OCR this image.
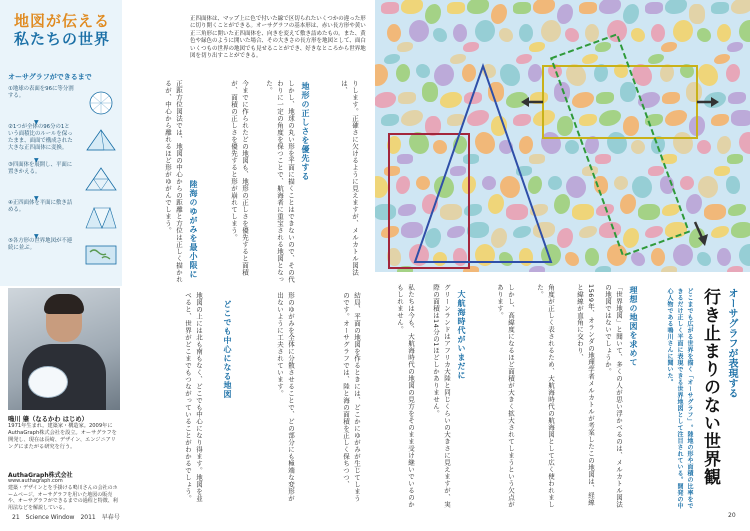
地図が伝える
私たちの世界
オーサグラフができるまで
①地球の表面を96に等分割する。
▼
②1つが全体の96分の1という面積比のルールを保ったまま、面面で構成された大きな正四面体に変換。
▼
③四面体を展開し、平面に置きかえる。
▼
④正四面体を平面に敷き詰める。
▼
⑤各方形の世界地図が不連続に並ぶ。
正四面体は、マップ上に色で付いた線で区切られたいくつかの違った形に切り開くことができる。オーサグラフの基本形は、赤い長方形や黄い正三角形に開いた正四面体を、向きを変えて敷き詰めたもの。また、黄色や緑色のように開いた場合、その大きさの長方形を地図として、面白いくつもの世界の地図でも見せることができ、好きなところから世界地図を切り出すことができる。
りします。正確さに欠けるように見えますが、メルカトル図法は、
地形の正しさを優先する
しかし、地球の丸い形を平面に描くことはできないので、その代わりに一定の角度を保つことで、航海者に重宝される地図となった。
今までに作られたどの地図も、地形の正しさを優先すると面積が、面積の正しさを優先すると形が崩れてしまう。
陸海のゆがみを最小限に
正距方位図法では、地図の中心からの距離と方位は正しく描かれるが、中心から離れるほど形がゆがんでしまう。
結局、平面の地図を作るときには、どこかにゆがみが生じてしまうのです。オーサグラフでは、陸と海の面積を正しく保ちつつ、
形のゆがみを全体に分散させることで、どの部分にも極端な変形が出ないように工夫されています。
どこでも中心になる地図
地図の上には北も南もなく、どこでも中心になり得ます。地図を並べると、世界がどこまでもつながっていることがわかるでしょう。
鳴川 肇（なるかわ はじめ）
1971年生まれ。建築家・構造家。2009年にAuthaGraph株式会社を設立。オーサグラフを開発し、現在は長崎、デザイン、エンジニアリングにまたがる研究を行う。
AuthaGraph株式会社
www.authagraph.com
建築・デザインとを手掛ける鳴川さんの会社のホームページ。オーサグラフを用いた地図の販売や、オーサグラフができるまでの過程と特徴、利用法などを解説している。
21　Science Window　2011　早春号
オーサグラフが表現する
行き止まりのない世界観
どこまでも広がる世界を描く「オーサグラフ」。陸地の形や面積の比率をできるだけ正しく平面に表現できる世界地図として注目されている。開発の中心人物である鳴川さんに聞いた。
理想の地図を求めて
「世界地図」と聞いて、多くの人が思い浮かべるのは、メルカトル図法の地図ではないでしょうか。
1569年、オランダの地理学者メルカトルが考案したこの地図は、経線と緯線が直角に交わり、
角度が正しく表されるため、大航海時代の航海図として広く使われました。
しかし、高緯度になるほど面積が大きく拡大されてしまうという欠点があります。
大航海時代がいまだに
グリーンランドはアフリカ大陸と同じくらいの大きさに見えますが、実際の面積は14分の1ほどしかありません。
私たちは今も、大航海時代の地図の見方をそのまま受け継いでいるのかもしれません。
20
